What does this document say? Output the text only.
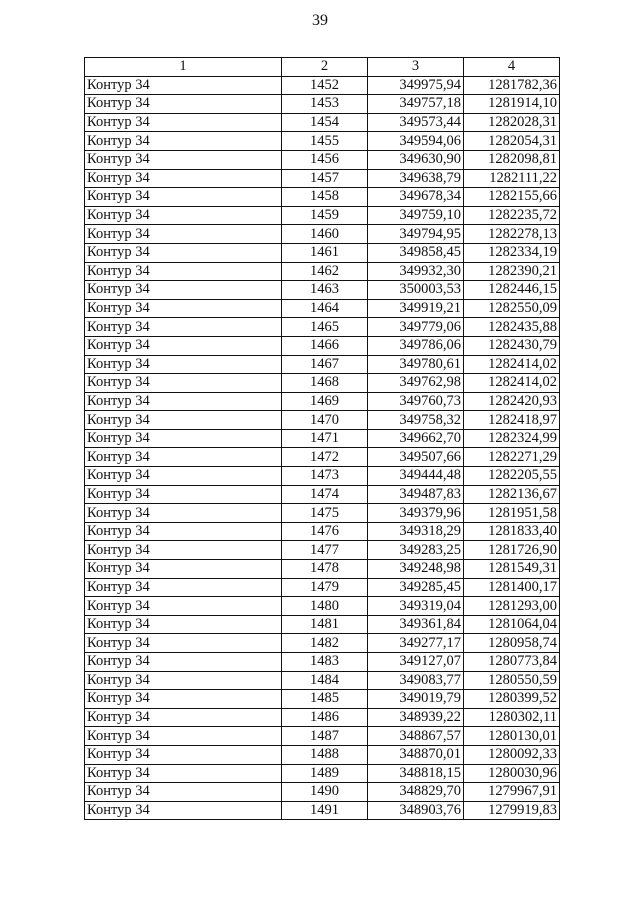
39
1	2	3	4
Контур 34	1452	349975,94	1281782,36
Контур 34	1453	349757,18	1281914,10
Контур 34	1454	349573,44	1282028,31
Контур 34	1455	349594,06	1282054,31
Контур 34	1456	349630,90	1282098,81
Контур 34	1457	349638,79	1282111,22
Контур 34	1458	349678,34	1282155,66
Контур 34	1459	349759,10	1282235,72
Контур 34	1460	349794,95	1282278,13
Контур 34	1461	349858,45	1282334,19
Контур 34	1462	349932,30	1282390,21
Контур 34	1463	350003,53	1282446,15
Контур 34	1464	349919,21	1282550,09
Контур 34	1465	349779,06	1282435,88
Контур 34	1466	349786,06	1282430,79
Контур 34	1467	349780,61	1282414,02
Контур 34	1468	349762,98	1282414,02
Контур 34	1469	349760,73	1282420,93
Контур 34	1470	349758,32	1282418,97
Контур 34	1471	349662,70	1282324,99
Контур 34	1472	349507,66	1282271,29
Контур 34	1473	349444,48	1282205,55
Контур 34	1474	349487,83	1282136,67
Контур 34	1475	349379,96	1281951,58
Контур 34	1476	349318,29	1281833,40
Контур 34	1477	349283,25	1281726,90
Контур 34	1478	349248,98	1281549,31
Контур 34	1479	349285,45	1281400,17
Контур 34	1480	349319,04	1281293,00
Контур 34	1481	349361,84	1281064,04
Контур 34	1482	349277,17	1280958,74
Контур 34	1483	349127,07	1280773,84
Контур 34	1484	349083,77	1280550,59
Контур 34	1485	349019,79	1280399,52
Контур 34	1486	348939,22	1280302,11
Контур 34	1487	348867,57	1280130,01
Контур 34	1488	348870,01	1280092,33
Контур 34	1489	348818,15	1280030,96
Контур 34	1490	348829,70	1279967,91
Контур 34	1491	348903,76	1279919,83
